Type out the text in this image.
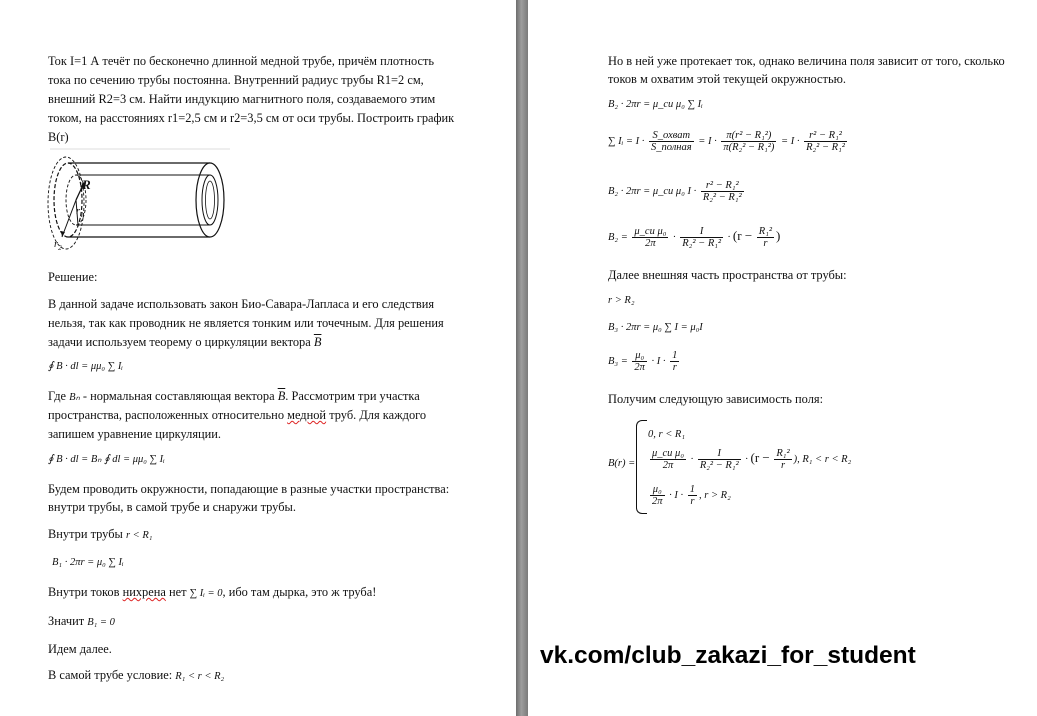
Ток I=1 А течёт по бесконечно длинной медной трубе, причём плотность
тока по сечению трубы постоянна. Внутренний радиус трубы R1=2 см,
внешний R2=3 см. Найти индукцию магнитного поля, создаваемого этим
током, на расстояниях r1=2,5 см и r2=3,5 см от оси трубы. Построить график
B(r)
R
$r_1$
$r_2$
Решение:
В данной задаче использовать закон Био-Савара-Лапласа и его следствия
нельзя, так как проводник не является тонким или точечным. Для решения
задачи используем теорему о циркуляции вектора $\overline{B}$
∮ B · dl = μμ₀ ∑ Iᵢ
Где Bₙ - нормальная составляющая вектора $\overline{B}$. Рассмотрим три участка
пространства, расположенных относительно медной труб. Для каждого
запишем уравнение циркуляции.
∮ B · dl = Bₙ ∮ dl = μμ₀ ∑ Iᵢ
Будем проводить окружности, попадающие в разные участки пространства:
внутри трубы, в самой трубе и снаружи трубы.
Внутри трубы r < R₁
B₁ · 2πr = μ₀ ∑ Iᵢ
Внутри токов нихрена нет ∑ Iᵢ = 0, ибо там дырка, это ж труба!
Значит B₁ = 0
Идем далее.
В самой трубе условие: R₁ < r < R₂
Но в ней уже протекает ток, однако величина поля зависит от того, сколько
токов м охватим этой текущей окружностью.
B₂ · 2πr = μ_си μ₀ ∑ Iᵢ
∑ Iᵢ = $I \cdot \frac{\text{S\_охват}}{\text{S\_полная}} = I \cdot \frac{\text{π(r² − R₁²)}}{\text{π(R₂² − R₁²)}} = I \cdot \frac{\text{r² − R₁²}}{\text{R₂² − R₁²}}$
B₂ · 2πr = μ_си μ₀ $I \cdot \frac{\text{r² − R₁²}}{\text{R₂² − R₁²}}$
$B_2 = \frac{\text{μ\_си μ₀}}{2\pi} \cdot \frac{I}{\text{R₂² − R₁²}} \cdot (r - \frac{\text{R₁²}}{r}$ )
Далее внешняя часть пространства от трубы:
r > R₂
B₃ · 2πr = μ₀ ∑ I = μ₀I
$B_3 = \frac{\text{μ₀}}{2\pi} \cdot I \cdot \frac{1}{r}$
Получим следующую зависимость поля:
B(r) =
0, r < R₁
$\frac{\text{μ\_си μ₀}}{2\pi} \cdot \frac{I}{\text{R₂² − R₁²}} \cdot (r - \frac{\text{R₁²}}{r}$ ), R₁ < r < R₂
$\frac{\text{μ₀}}{2\pi} \cdot I \cdot \frac{1}{r}$ , r > R₂
vk.com/club_zakazi_for_student
